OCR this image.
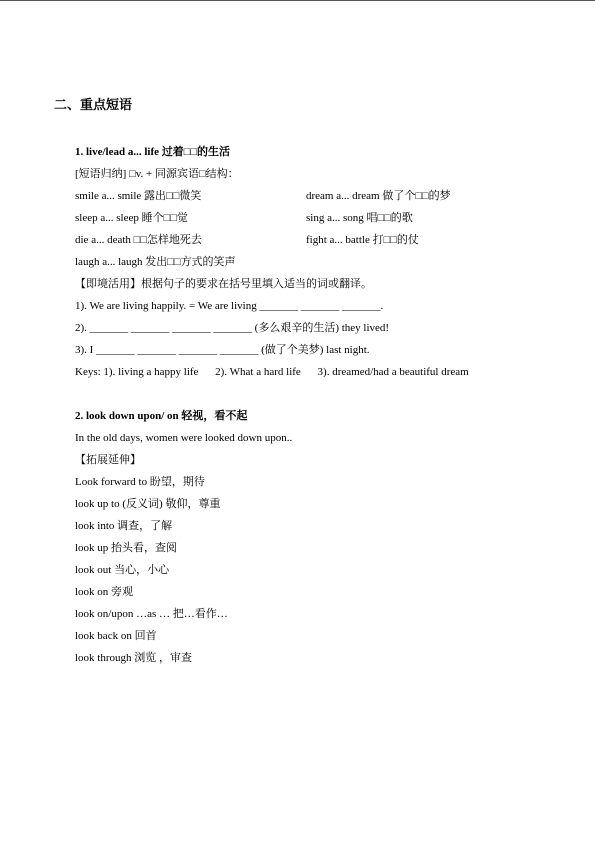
二、重点短语
1. live/lead a... life 过着□□的生活
[短语归纳] □v. + 同源宾语□结构：
smile a... smile 露出□□微笑	dream a... dream 做了个□□的梦
sleep a... sleep 睡个□□觉	sing a... song 唱□□的歌
die a... death □□怎样地死去	fight a... battle 打□□的仗
laugh a... laugh 发出□□方式的笑声
【即境活用】根据句子的要求在括号里填入适当的词或翻译。
1). We are living happily. = We are living _______ _______ _______.
2). _______ _______ _______ _______ (多么艰辛的生活) they lived!
3). I _______ _______ _______ _______ (做了个美梦) last night.
Keys: 1). living a happy life 2). What a hard life 3). dreamed/had a beautiful dream
2. look down upon/ on 轻视，看不起
In the old days, women were looked down upon..
【拓展延伸】
Look forward to 盼望，期待
look up to (反义词) 敬仰，尊重
look into 调查，了解
look up 抬头看，查阅
look out 当心，小心
look on 旁观
look on/upon …as … 把…看作…
look back on 回首
look through 浏览 ，审查
